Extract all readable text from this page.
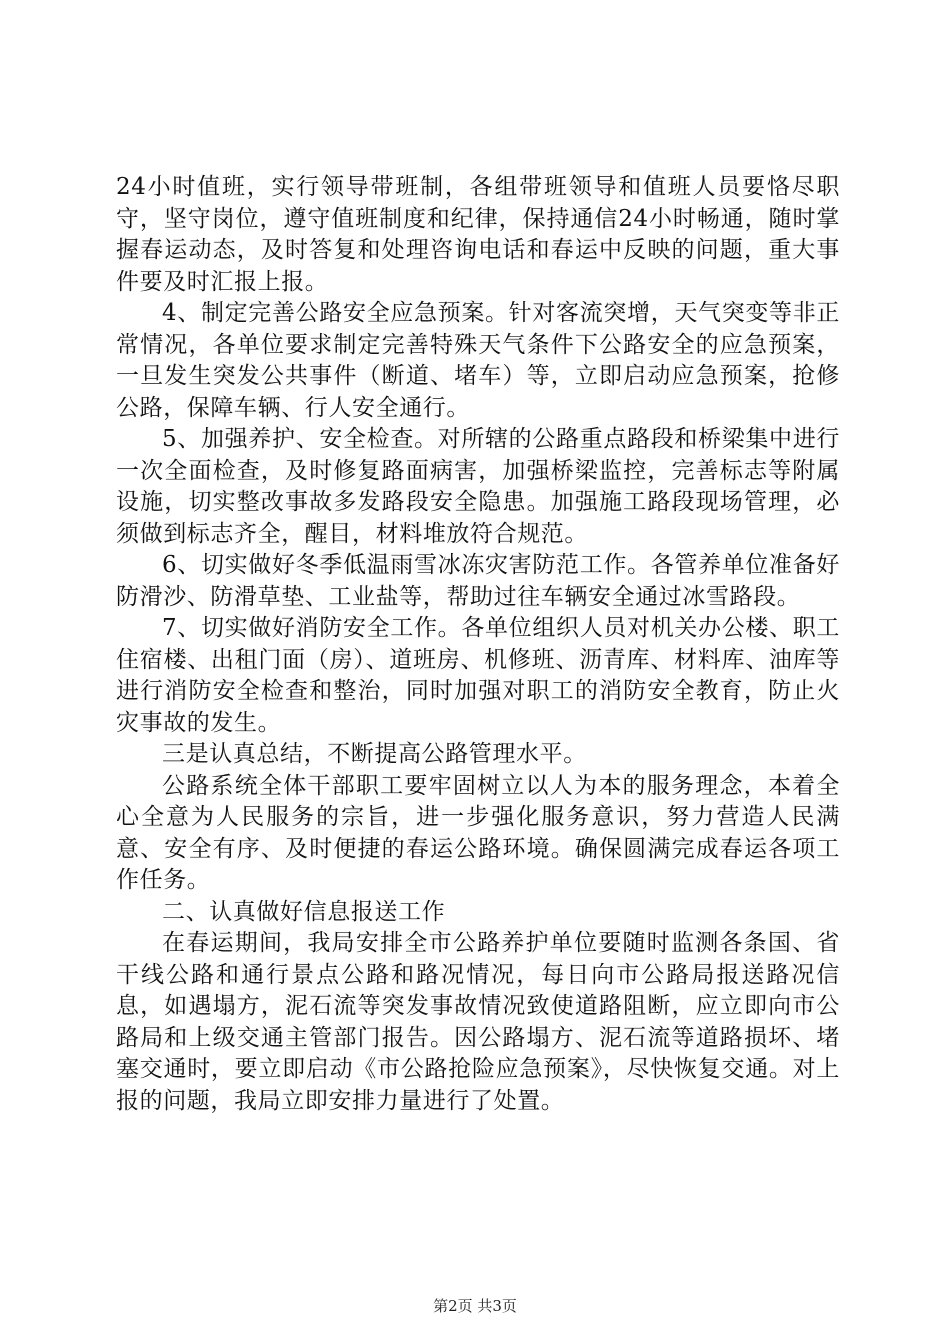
24小时值班，实行领导带班制，各组带班领导和值班人员要恪尽职守，坚守岗位，遵守值班制度和纪律，保持通信24小时畅通，随时掌握春运动态，及时答复和处理咨询电话和春运中反映的问题，重大事件要及时汇报上报。

4、制定完善公路安全应急预案。针对客流突增，天气突变等非正常情况，各单位要求制定完善特殊天气条件下公路安全的应急预案，一旦发生突发公共事件（断道、堵车）等，立即启动应急预案，抢修公路，保障车辆、行人安全通行。

5、加强养护、安全检查。对所辖的公路重点路段和桥梁集中进行一次全面检查，及时修复路面病害，加强桥梁监控，完善标志等附属设施，切实整改事故多发路段安全隐患。加强施工路段现场管理，必须做到标志齐全，醒目，材料堆放符合规范。

6、切实做好冬季低温雨雪冰冻灾害防范工作。各管养单位准备好防滑沙、防滑草垫、工业盐等，帮助过往车辆安全通过冰雪路段。

7、切实做好消防安全工作。各单位组织人员对机关办公楼、职工住宿楼、出租门面（房）、道班房、机修班、沥青库、材料库、油库等进行消防安全检查和整治，同时加强对职工的消防安全教育，防止火灾事故的发生。

三是认真总结，不断提高公路管理水平。

公路系统全体干部职工要牢固树立以人为本的服务理念，本着全心全意为人民服务的宗旨，进一步强化服务意识，努力营造人民满意、安全有序、及时便捷的春运公路环境。确保圆满完成春运各项工作任务。

二、认真做好信息报送工作

在春运期间，我局安排全市公路养护单位要随时监测各条国、省干线公路和通行景点公路和路况情况，每日向市公路局报送路况信息，如遇塌方，泥石流等突发事故情况致使道路阻断，应立即向市公路局和上级交通主管部门报告。因公路塌方、泥石流等道路损坏、堵塞交通时，要立即启动《市公路抢险应急预案》，尽快恢复交通。对上报的问题，我局立即安排力量进行了处置。

第2页 共3页
